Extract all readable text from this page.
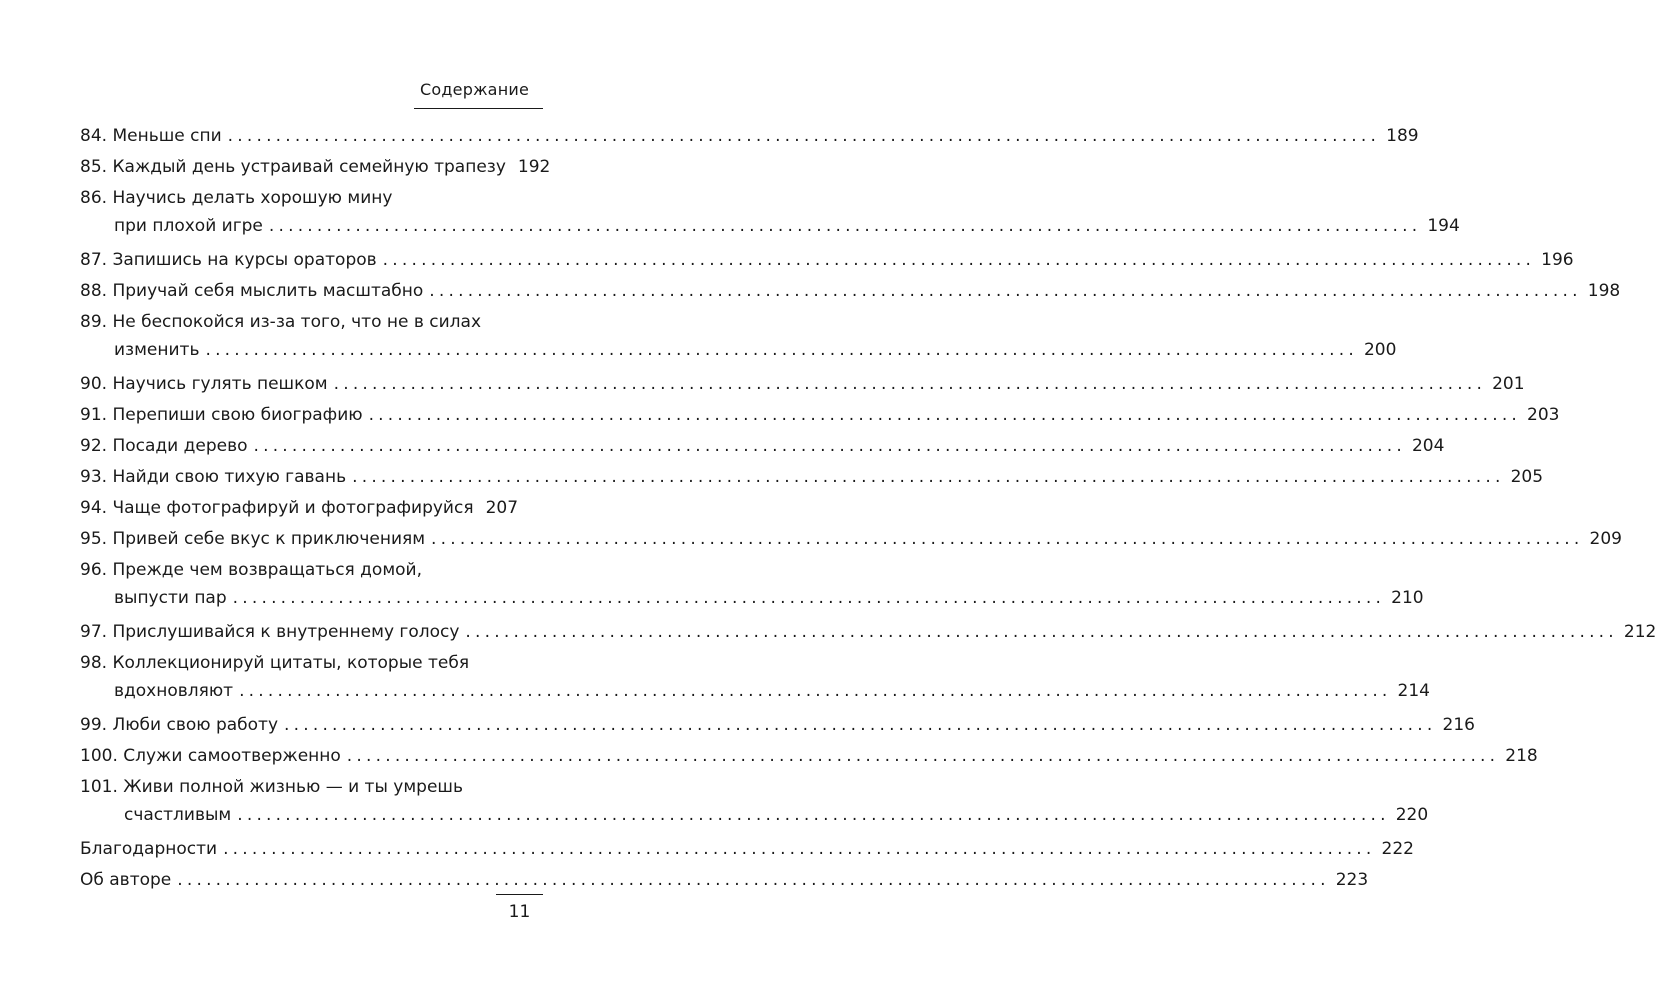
Содержание
84.
Меньше спи ........................................................................................................................ 189
85.
Каждый день устраивай семейную трапезу 192
86.
Научись делать хорошую мину
при плохой игре ........................................................................................................................ 194
87.
Запишись на курсы ораторов ........................................................................................................................ 196
88.
Приучай себя мыслить масштабно ........................................................................................................................ 198
89.
Не беспокойся из-за того, что не в силах
изменить ........................................................................................................................ 200
90.
Научись гулять пешком ........................................................................................................................ 201
91.
Перепиши свою биографию ........................................................................................................................ 203
92.
Посади дерево ........................................................................................................................ 204
93.
Найди свою тихую гавань ........................................................................................................................ 205
94.
Чаще фотографируй и фотографируйся 207
95.
Привей себе вкус к приключениям ........................................................................................................................ 209
96.
Прежде чем возвращаться домой,
выпусти пар ........................................................................................................................ 210
97.
Прислушивайся к внутреннему голосу ........................................................................................................................ 212
98.
Коллекционируй цитаты, которые тебя
вдохновляют ........................................................................................................................ 214
99.
Люби свою работу ........................................................................................................................ 216
100.
Служи самоотверженно ........................................................................................................................ 218
101.
Живи полной жизнью — и ты умрешь
счастливым ........................................................................................................................ 220
Благодарности ........................................................................................................................ 222
Об авторе ........................................................................................................................ 223
11
